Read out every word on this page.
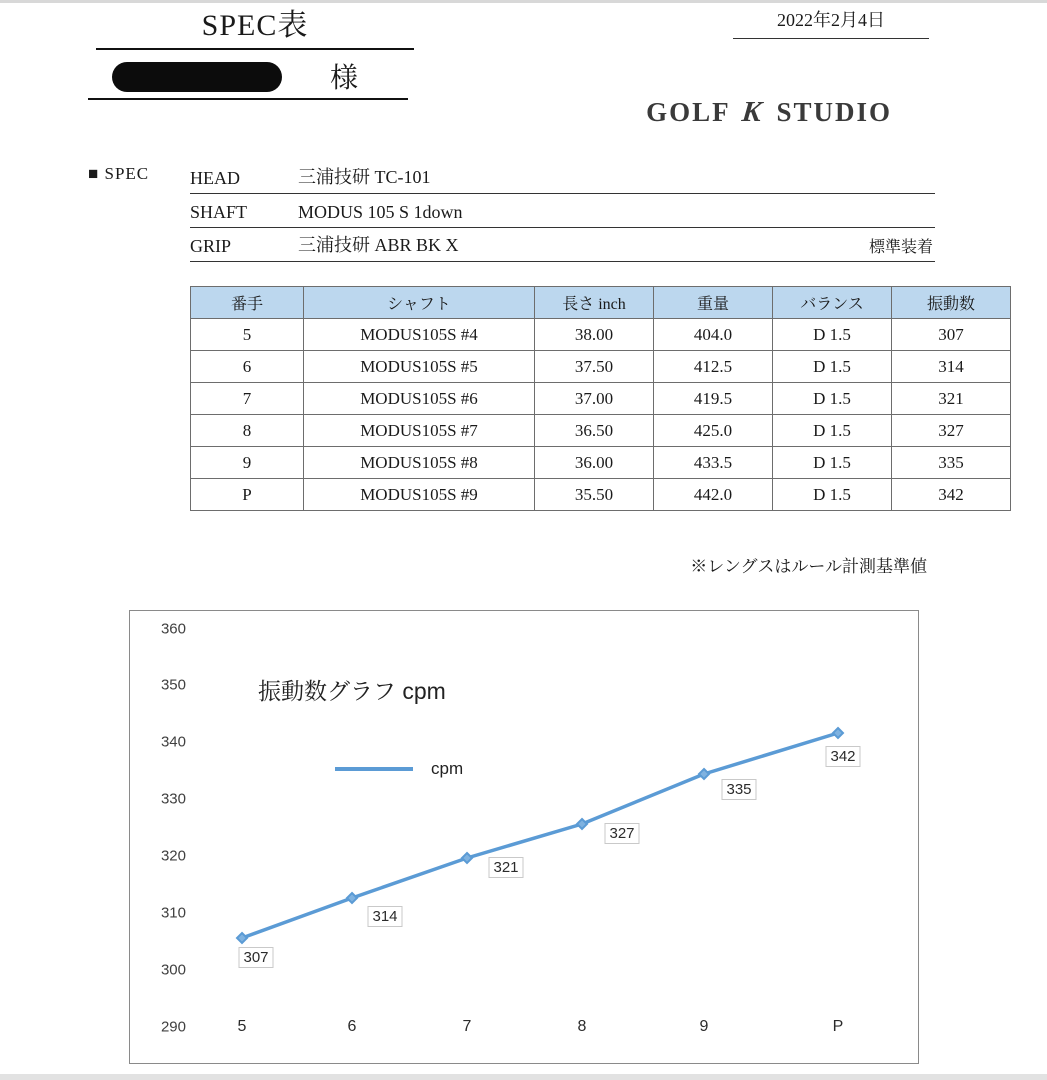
SPEC表	2022年2月4日
様
GOLF K STUDIO
■ SPEC HEAD	三浦技研 TC-101
SHAFT	MODUS 105 S 1down
GRIP	三浦技研 ABR BK X	標準装着
番手	シャフト	長さ inch	重量	バランス	振動数
5	MODUS105S #4	38.00	404.0	D 1.5	307
6	MODUS105S #5	37.50	412.5	D 1.5	314
7	MODUS105S #6	37.00	419.5	D 1.5	321
8	MODUS105S #7	36.50	425.0	D 1.5	327
9	MODUS105S #8	36.00	433.5	D 1.5	335
P	MODUS105S #9	35.50	442.0	D 1.5	342
※レングスはルール計測基準値
振動数グラフ cpm
cpm
360
350
340
330
320
310
300
290
307
314
321
327
335
342
5	6	7	8	9	P
